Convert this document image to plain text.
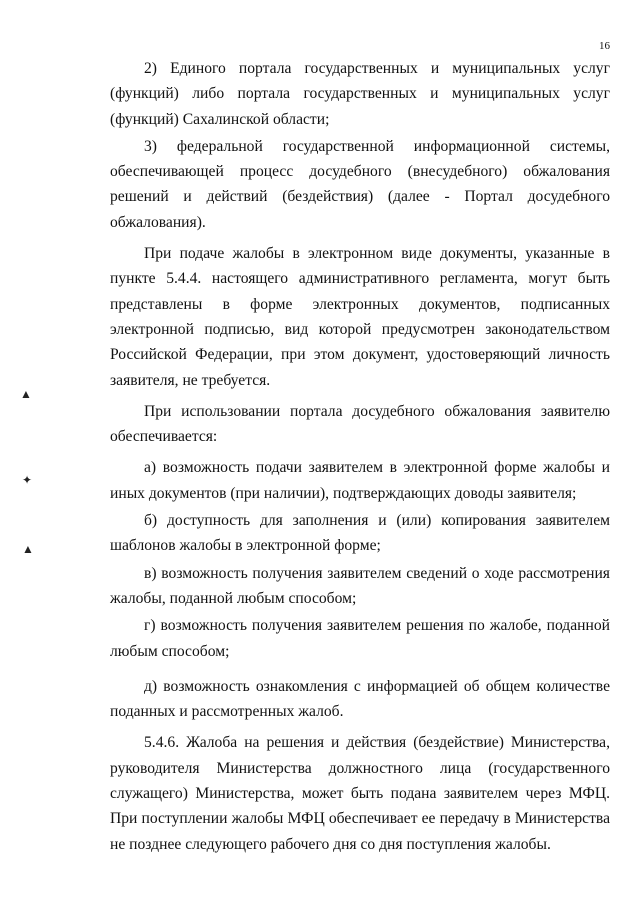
16
▲
✦
▲

2) Единого портала государственных и муниципальных услуг (функций) либо портала государственных и муниципальных услуг (функций) Сахалинской области;

3) федеральной государственной информационной системы, обеспечивающей процесс досудебного (внесудебного) обжалования решений и действий (бездействия) (далее - Портал досудебного обжалования).

При подаче жалобы в электронном виде документы, указанные в пункте 5.4.4. настоящего административного регламента, могут быть представлены в форме электронных документов, подписанных электронной подписью, вид которой предусмотрен законодательством Российской Федерации, при этом документ, удостоверяющий личность заявителя, не требуется.

При использовании портала досудебного обжалования заявителю обеспечивается:

а) возможность подачи заявителем в электронной форме жалобы и иных документов (при наличии), подтверждающих доводы заявителя;

б) доступность для заполнения и (или) копирования заявителем шаблонов жалобы в электронной форме;

в) возможность получения заявителем сведений о ходе рассмотрения жалобы, поданной любым способом;

г) возможность получения заявителем решения по жалобе, поданной любым способом;

д) возможность ознакомления с информацией об общем количестве поданных и рассмотренных жалоб.

5.4.6. Жалоба на решения и действия (бездействие) Министерства, руководителя Министерства должностного лица (государственного служащего) Министерства, может быть подана заявителем через МФЦ. При поступлении жалобы МФЦ обеспечивает ее передачу в Министерства не позднее следующего рабочего дня со дня поступления жалобы.
